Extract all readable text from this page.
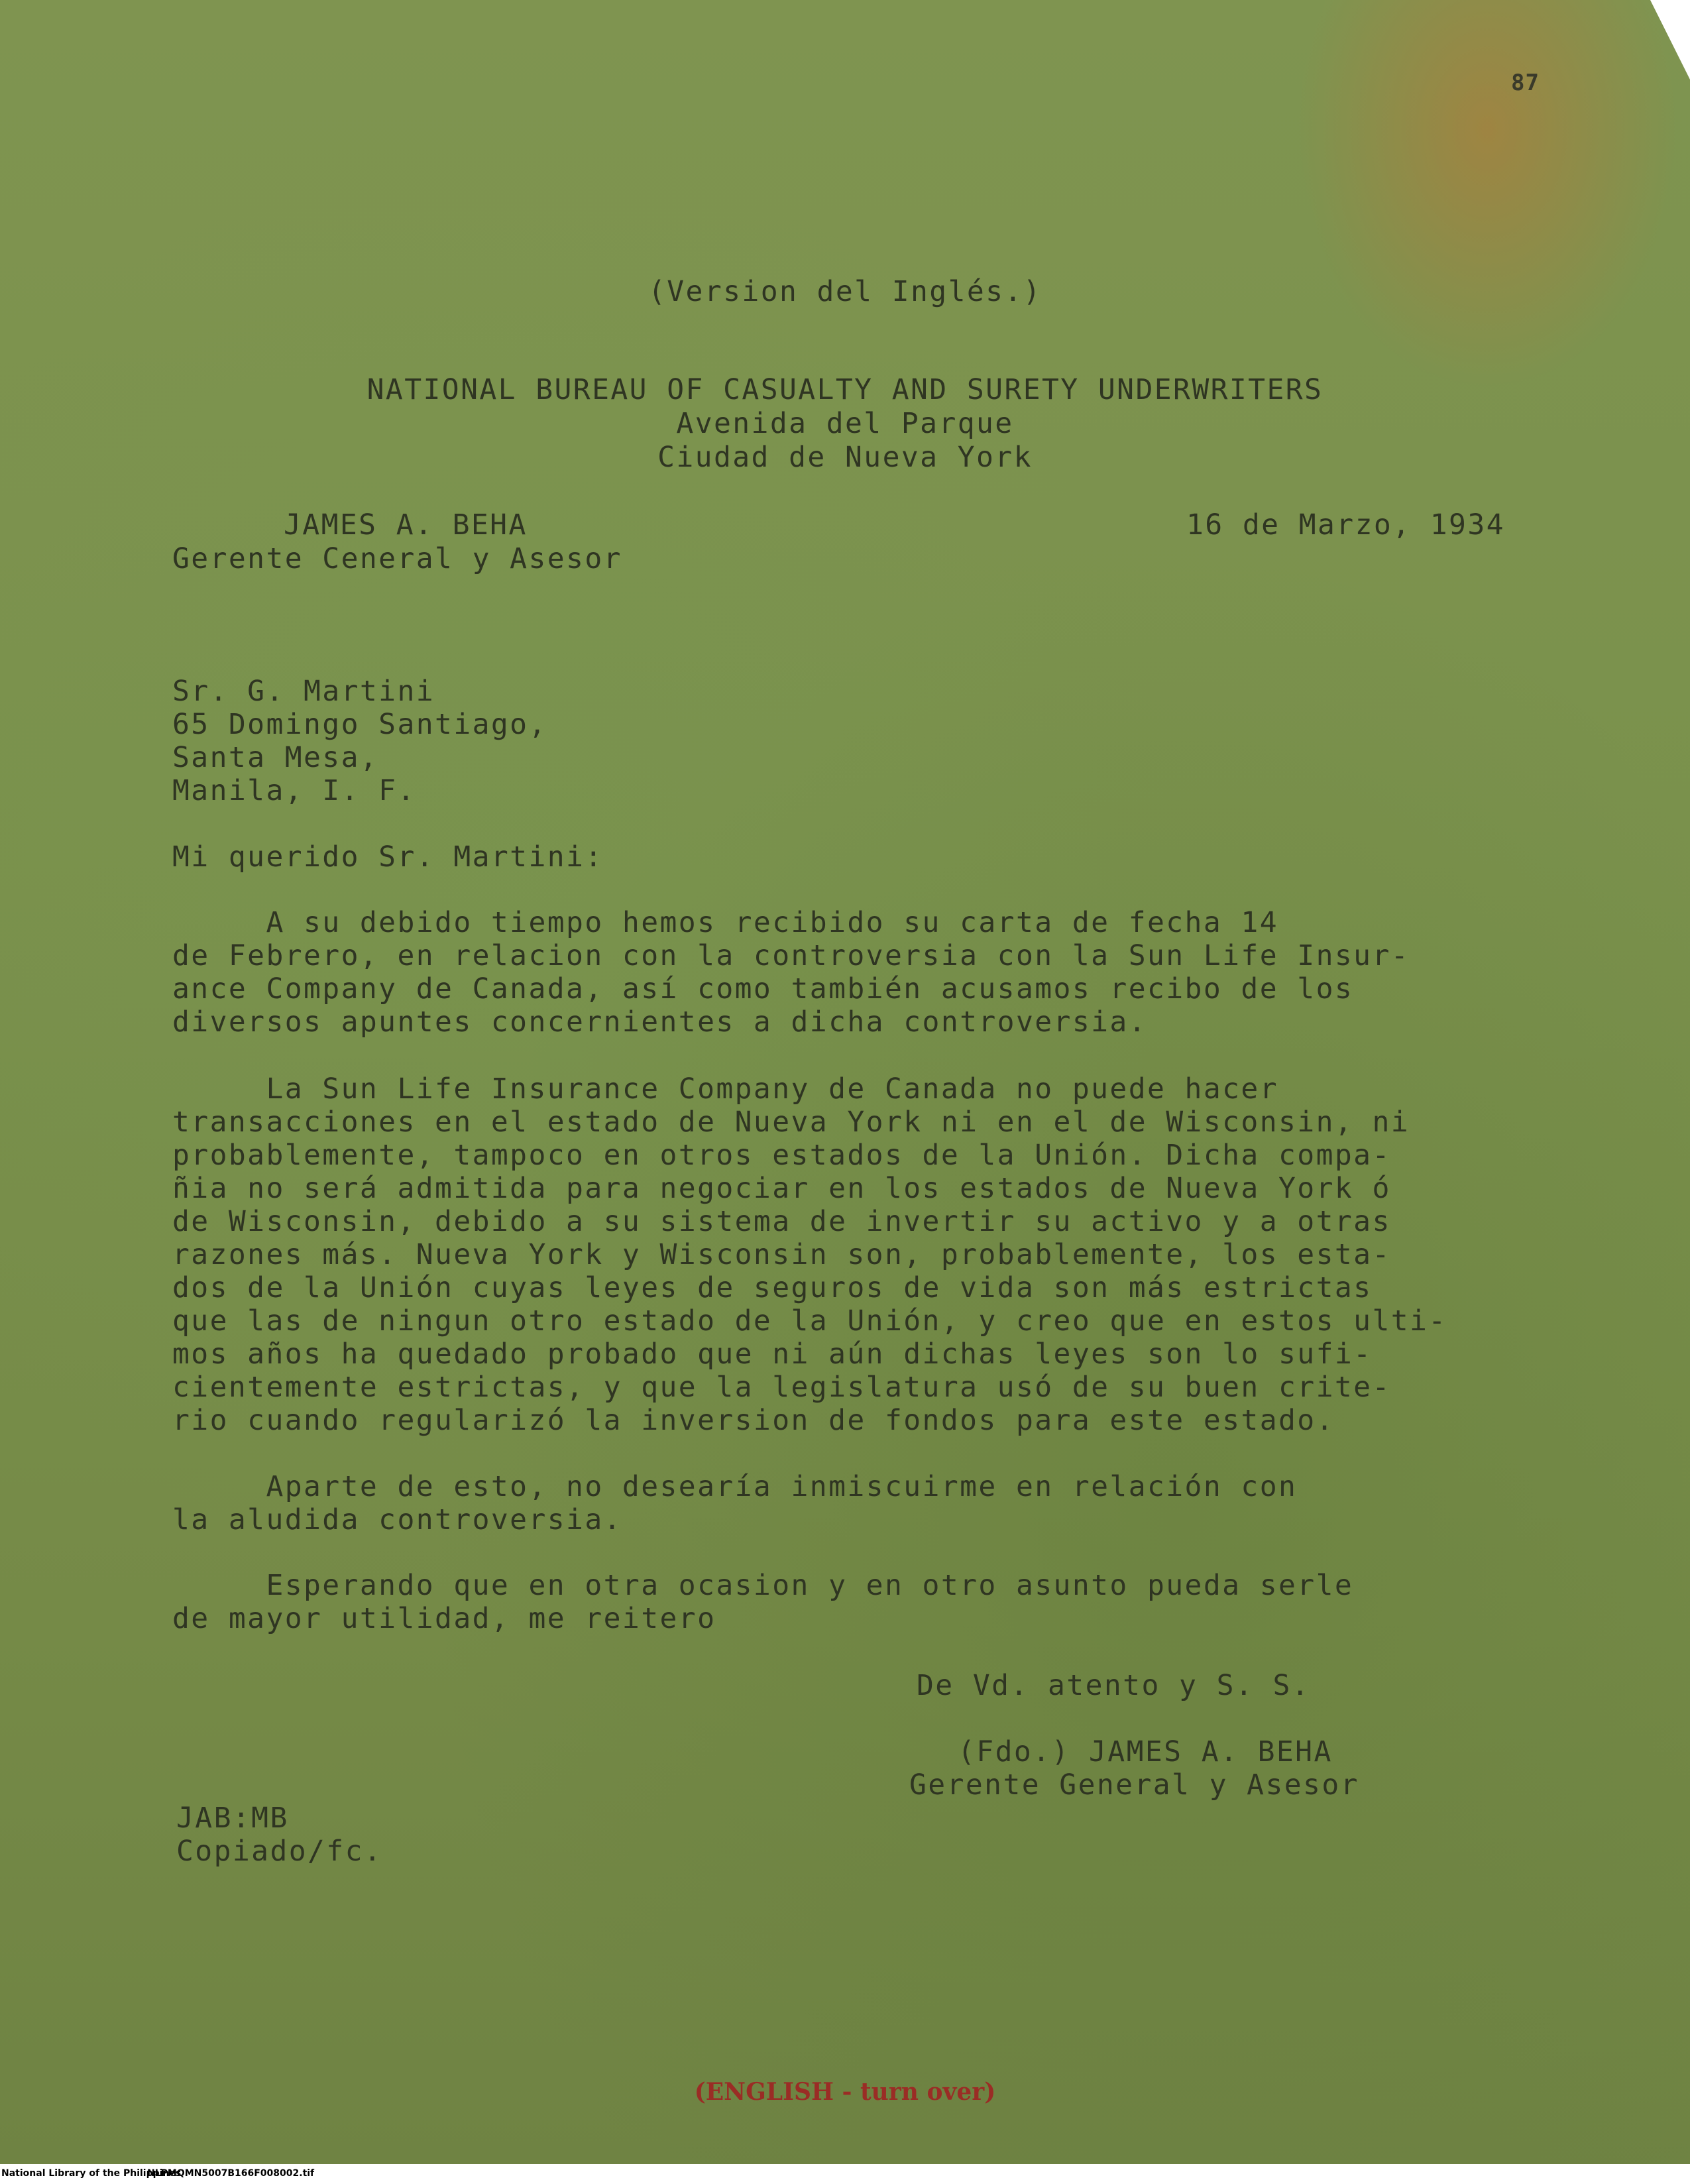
87
(Version del Inglés.)
NATIONAL BUREAU OF CASUALTY AND SURETY UNDERWRITERS
Avenida del Parque
Ciudad de Nueva York
JAMES A. BEHA	16 de Marzo, 1934
Gerente Ceneral y Asesor
Sr. G. Martini
65 Domingo Santiago,
Santa Mesa,
Manila, I. F.
Mi querido Sr. Martini:
A su debido tiempo hemos recibido su carta de fecha 14
de Febrero, en relacion con la controversia con la Sun Life Insur-
ance Company de Canada, así como también acusamos recibo de los
diversos apuntes concernientes a dicha controversia.
La Sun Life Insurance Company de Canada no puede hacer
transacciones en el estado de Nueva York ni en el de Wisconsin, ni
probablemente, tampoco en otros estados de la Unión. Dicha compa-
ñia no será admitida para negociar en los estados de Nueva York ó
de Wisconsin, debido a su sistema de invertir su activo y a otras
razones más. Nueva York y Wisconsin son, probablemente, los esta-
dos de la Unión cuyas leyes de seguros de vida son más estrictas
que las de ningun otro estado de la Unión, y creo que en estos ulti-
mos años ha quedado probado que ni aún dichas leyes son lo sufi-
cientemente estrictas, y que la legislatura usó de su buen crite-
rio cuando regularizó la inversion de fondos para este estado.
Aparte de esto, no desearía inmiscuirme en relación con
la aludida controversia.
Esperando que en otra ocasion y en otro asunto pueda serle
de mayor utilidad, me reitero
De Vd. atento y S. S.
(Fdo.) JAMES A. BEHA
Gerente General y Asesor
JAB:MB
Copiado/fc.
(ENGLISH - turn over)
National Library of the Philippines
NLPMQMN5007B166F008002.tif
